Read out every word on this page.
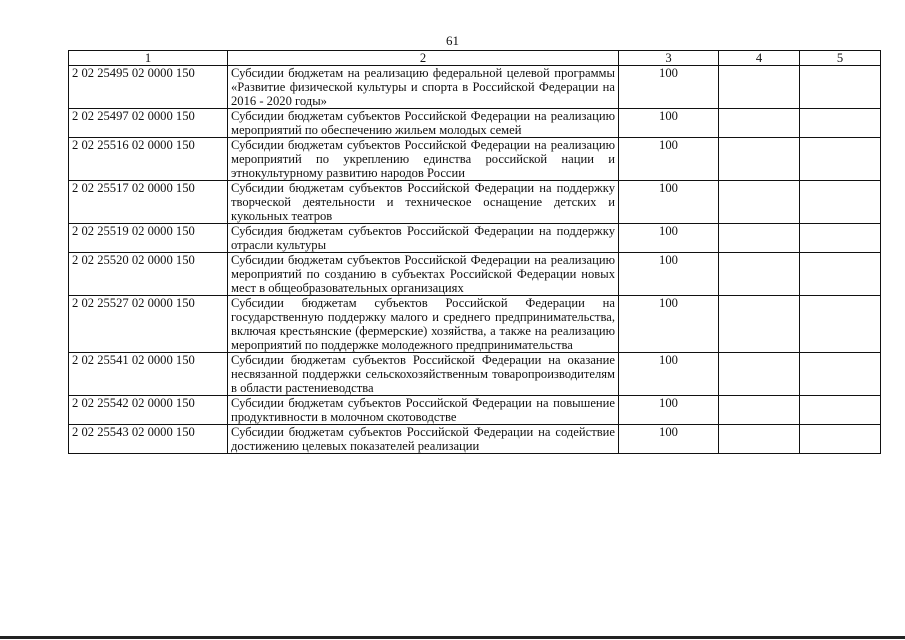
61
1	2	3	4	5
2 02 25495 02 0000 150	Субсидии бюджетам на реализацию федеральной целевой программы «Развитие физической культуры и спорта в Российской Федерации на 2016 - 2020 годы»	100		
2 02 25497 02 0000 150	Субсидии бюджетам субъектов Российской Федерации на реализацию мероприятий по обеспечению жильем молодых семей	100		
2 02 25516 02 0000 150	Субсидии бюджетам субъектов Российской Федерации на реализацию мероприятий по укреплению единства российской нации и этнокультурному развитию народов России	100		
2 02 25517 02 0000 150	Субсидии бюджетам субъектов Российской Федерации на поддержку творческой деятельности и техническое оснащение детских и кукольных театров	100		
2 02 25519 02 0000 150	Субсидия бюджетам субъектов Российской Федерации на поддержку отрасли культуры	100		
2 02 25520 02 0000 150	Субсидии бюджетам субъектов Российской Федерации на реализацию мероприятий по созданию в субъектах Российской Федерации новых мест в общеобразовательных организациях	100		
2 02 25527 02 0000 150	Субсидии бюджетам субъектов Российской Федерации на государственную поддержку малого и среднего предпринимательства, включая крестьянские (фермерские) хозяйства, а также на реализацию мероприятий по поддержке молодежного предпринимательства	100		
2 02 25541 02 0000 150	Субсидии бюджетам субъектов Российской Федерации на оказание несвязанной поддержки сельскохозяйственным товаропроизводителям в области растениеводства	100		
2 02 25542 02 0000 150	Субсидии бюджетам субъектов Российской Федерации на повышение продуктивности в молочном скотоводстве	100		
2 02 25543 02 0000 150	Субсидии бюджетам субъектов Российской Федерации на содействие достижению целевых показателей реализации	100		
